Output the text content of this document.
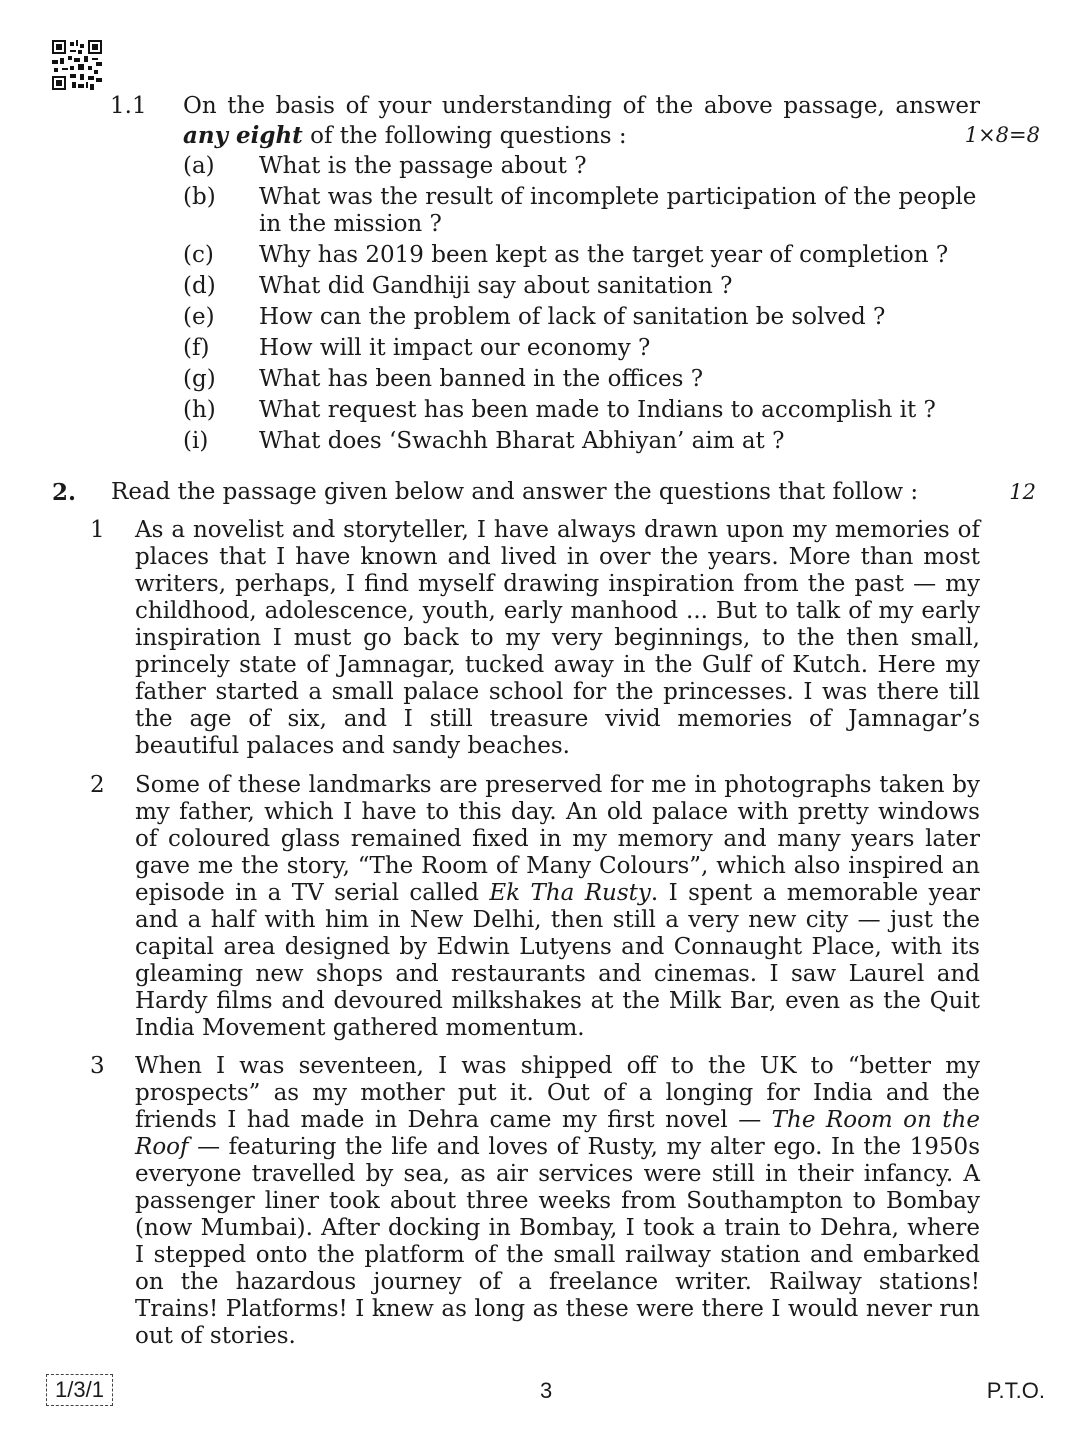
1.1 On the basis of your understanding of the above passage, answer any eight of the following questions :	1×8=8
(a)	What is the passage about ?
(b)	What was the result of incomplete participation of the people in the mission ?
(c)	Why has 2019 been kept as the target year of completion ?
(d)	What did Gandhiji say about sanitation ?
(e)	How can the problem of lack of sanitation be solved ?
(f)	How will it impact our economy ?
(g)	What has been banned in the offices ?
(h)	What request has been made to Indians to accomplish it ?
(i)	What does ‘Swachh Bharat Abhiyan’ aim at ?
2. Read the passage given below and answer the questions that follow :	12
1 As a novelist and storyteller, I have always drawn upon my memories of places that I have known and lived in over the years. More than most writers, perhaps, I find myself drawing inspiration from the past — my childhood, adolescence, youth, early manhood ... But to talk of my early inspiration I must go back to my very beginnings, to the then small, princely state of Jamnagar, tucked away in the Gulf of Kutch. Here my father started a small palace school for the princesses. I was there till the age of six, and I still treasure vivid memories of Jamnagar’s beautiful palaces and sandy beaches.
2 Some of these landmarks are preserved for me in photographs taken by my father, which I have to this day. An old palace with pretty windows of coloured glass remained fixed in my memory and many years later gave me the story, “The Room of Many Colours”, which also inspired an episode in a TV serial called Ek Tha Rusty. I spent a memorable year and a half with him in New Delhi, then still a very new city — just the capital area designed by Edwin Lutyens and Connaught Place, with its gleaming new shops and restaurants and cinemas. I saw Laurel and Hardy films and devoured milkshakes at the Milk Bar, even as the Quit India Movement gathered momentum.
3 When I was seventeen, I was shipped off to the UK to “better my prospects” as my mother put it. Out of a longing for India and the friends I had made in Dehra came my first novel — The Room on the Roof — featuring the life and loves of Rusty, my alter ego. In the 1950s everyone travelled by sea, as air services were still in their infancy. A passenger liner took about three weeks from Southampton to Bombay (now Mumbai). After docking in Bombay, I took a train to Dehra, where I stepped onto the platform of the small railway station and embarked on the hazardous journey of a freelance writer. Railway stations! Trains! Platforms! I knew as long as these were there I would never run out of stories.
1/3/1	3	P.T.O.
